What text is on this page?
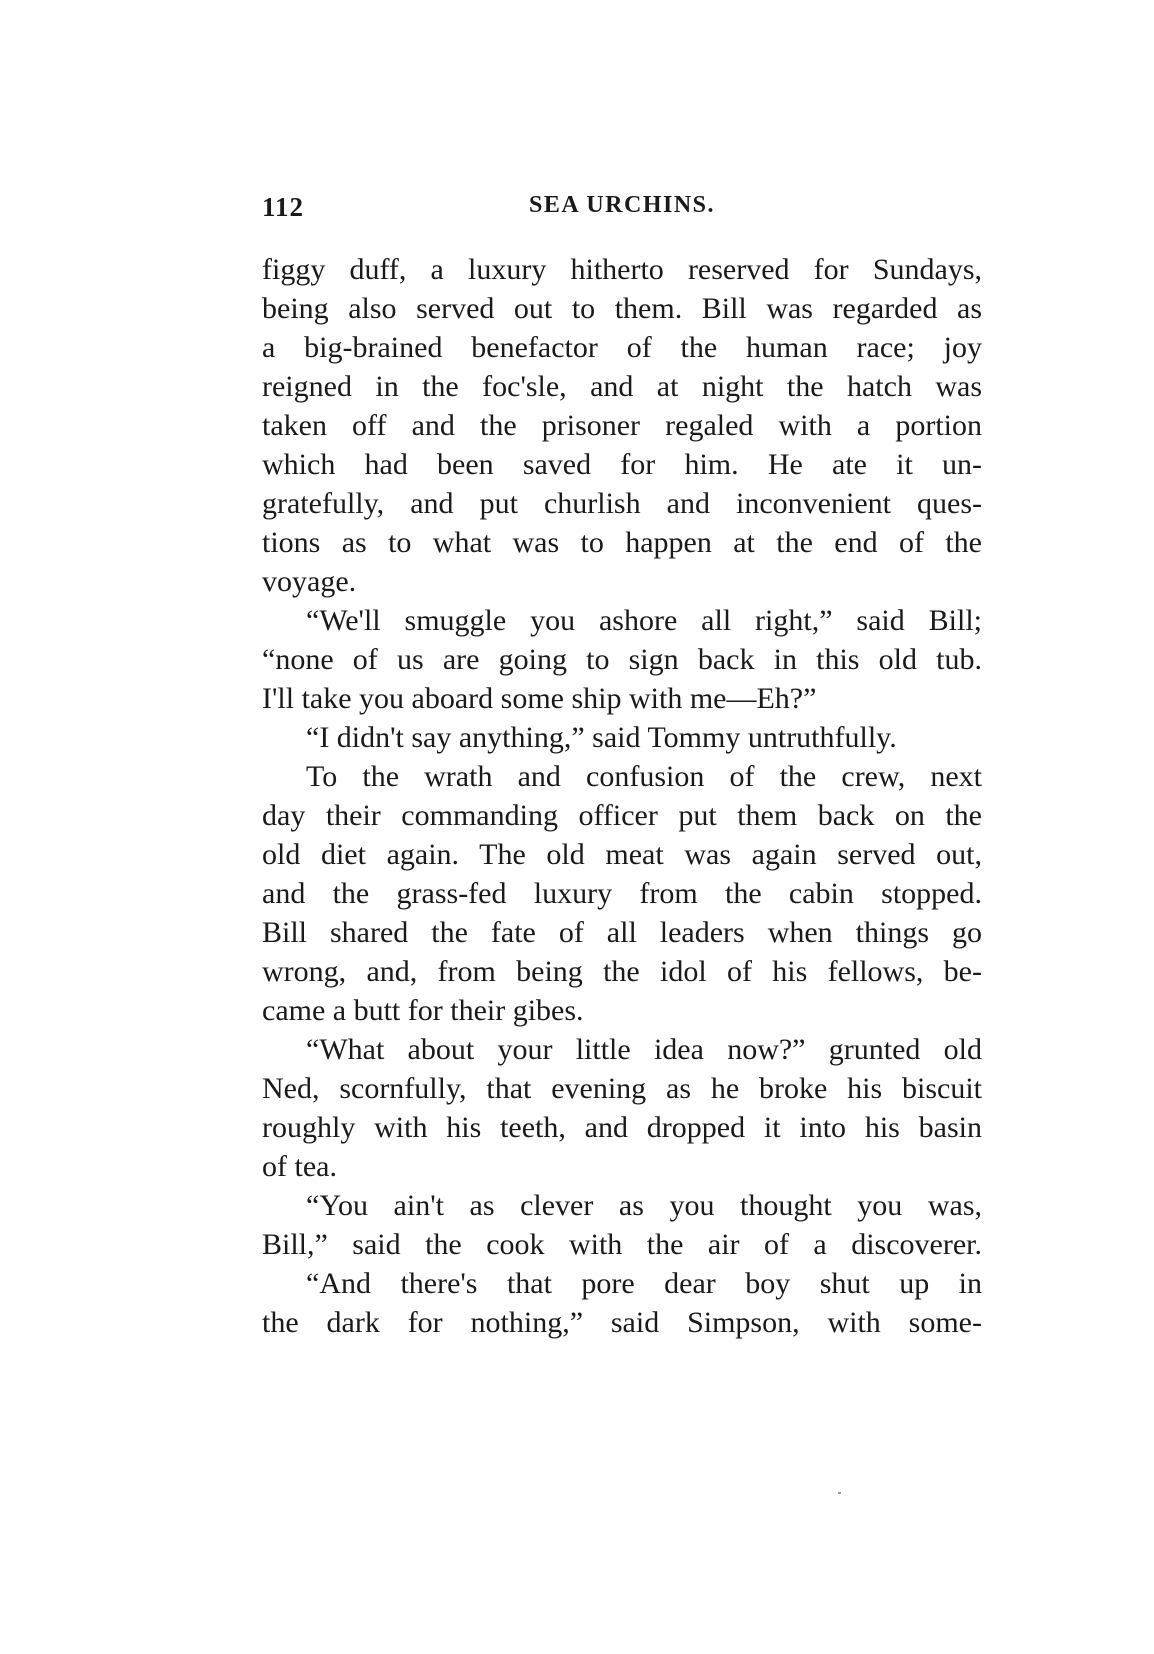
112	SEA URCHINS.
figgy duff, a luxury hitherto reserved for Sundays,
being also served out to them. Bill was regarded as
a big-brained benefactor of the human race; joy
reigned in the foc'sle, and at night the hatch was
taken off and the prisoner regaled with a portion
which had been saved for him. He ate it un-
gratefully, and put churlish and inconvenient ques-
tions as to what was to happen at the end of the
voyage.
“We'll smuggle you ashore all right,” said Bill;
“none of us are going to sign back in this old tub.
I'll take you aboard some ship with me—Eh?”
“I didn't say anything,” said Tommy untruthfully.
To the wrath and confusion of the crew, next
day their commanding officer put them back on the
old diet again. The old meat was again served out,
and the grass-fed luxury from the cabin stopped.
Bill shared the fate of all leaders when things go
wrong, and, from being the idol of his fellows, be-
came a butt for their gibes.
“What about your little idea now?” grunted old
Ned, scornfully, that evening as he broke his biscuit
roughly with his teeth, and dropped it into his basin
of tea.
“You ain't as clever as you thought you was,
Bill,” said the cook with the air of a discoverer.
“And there's that pore dear boy shut up in
the dark for nothing,” said Simpson, with some-
